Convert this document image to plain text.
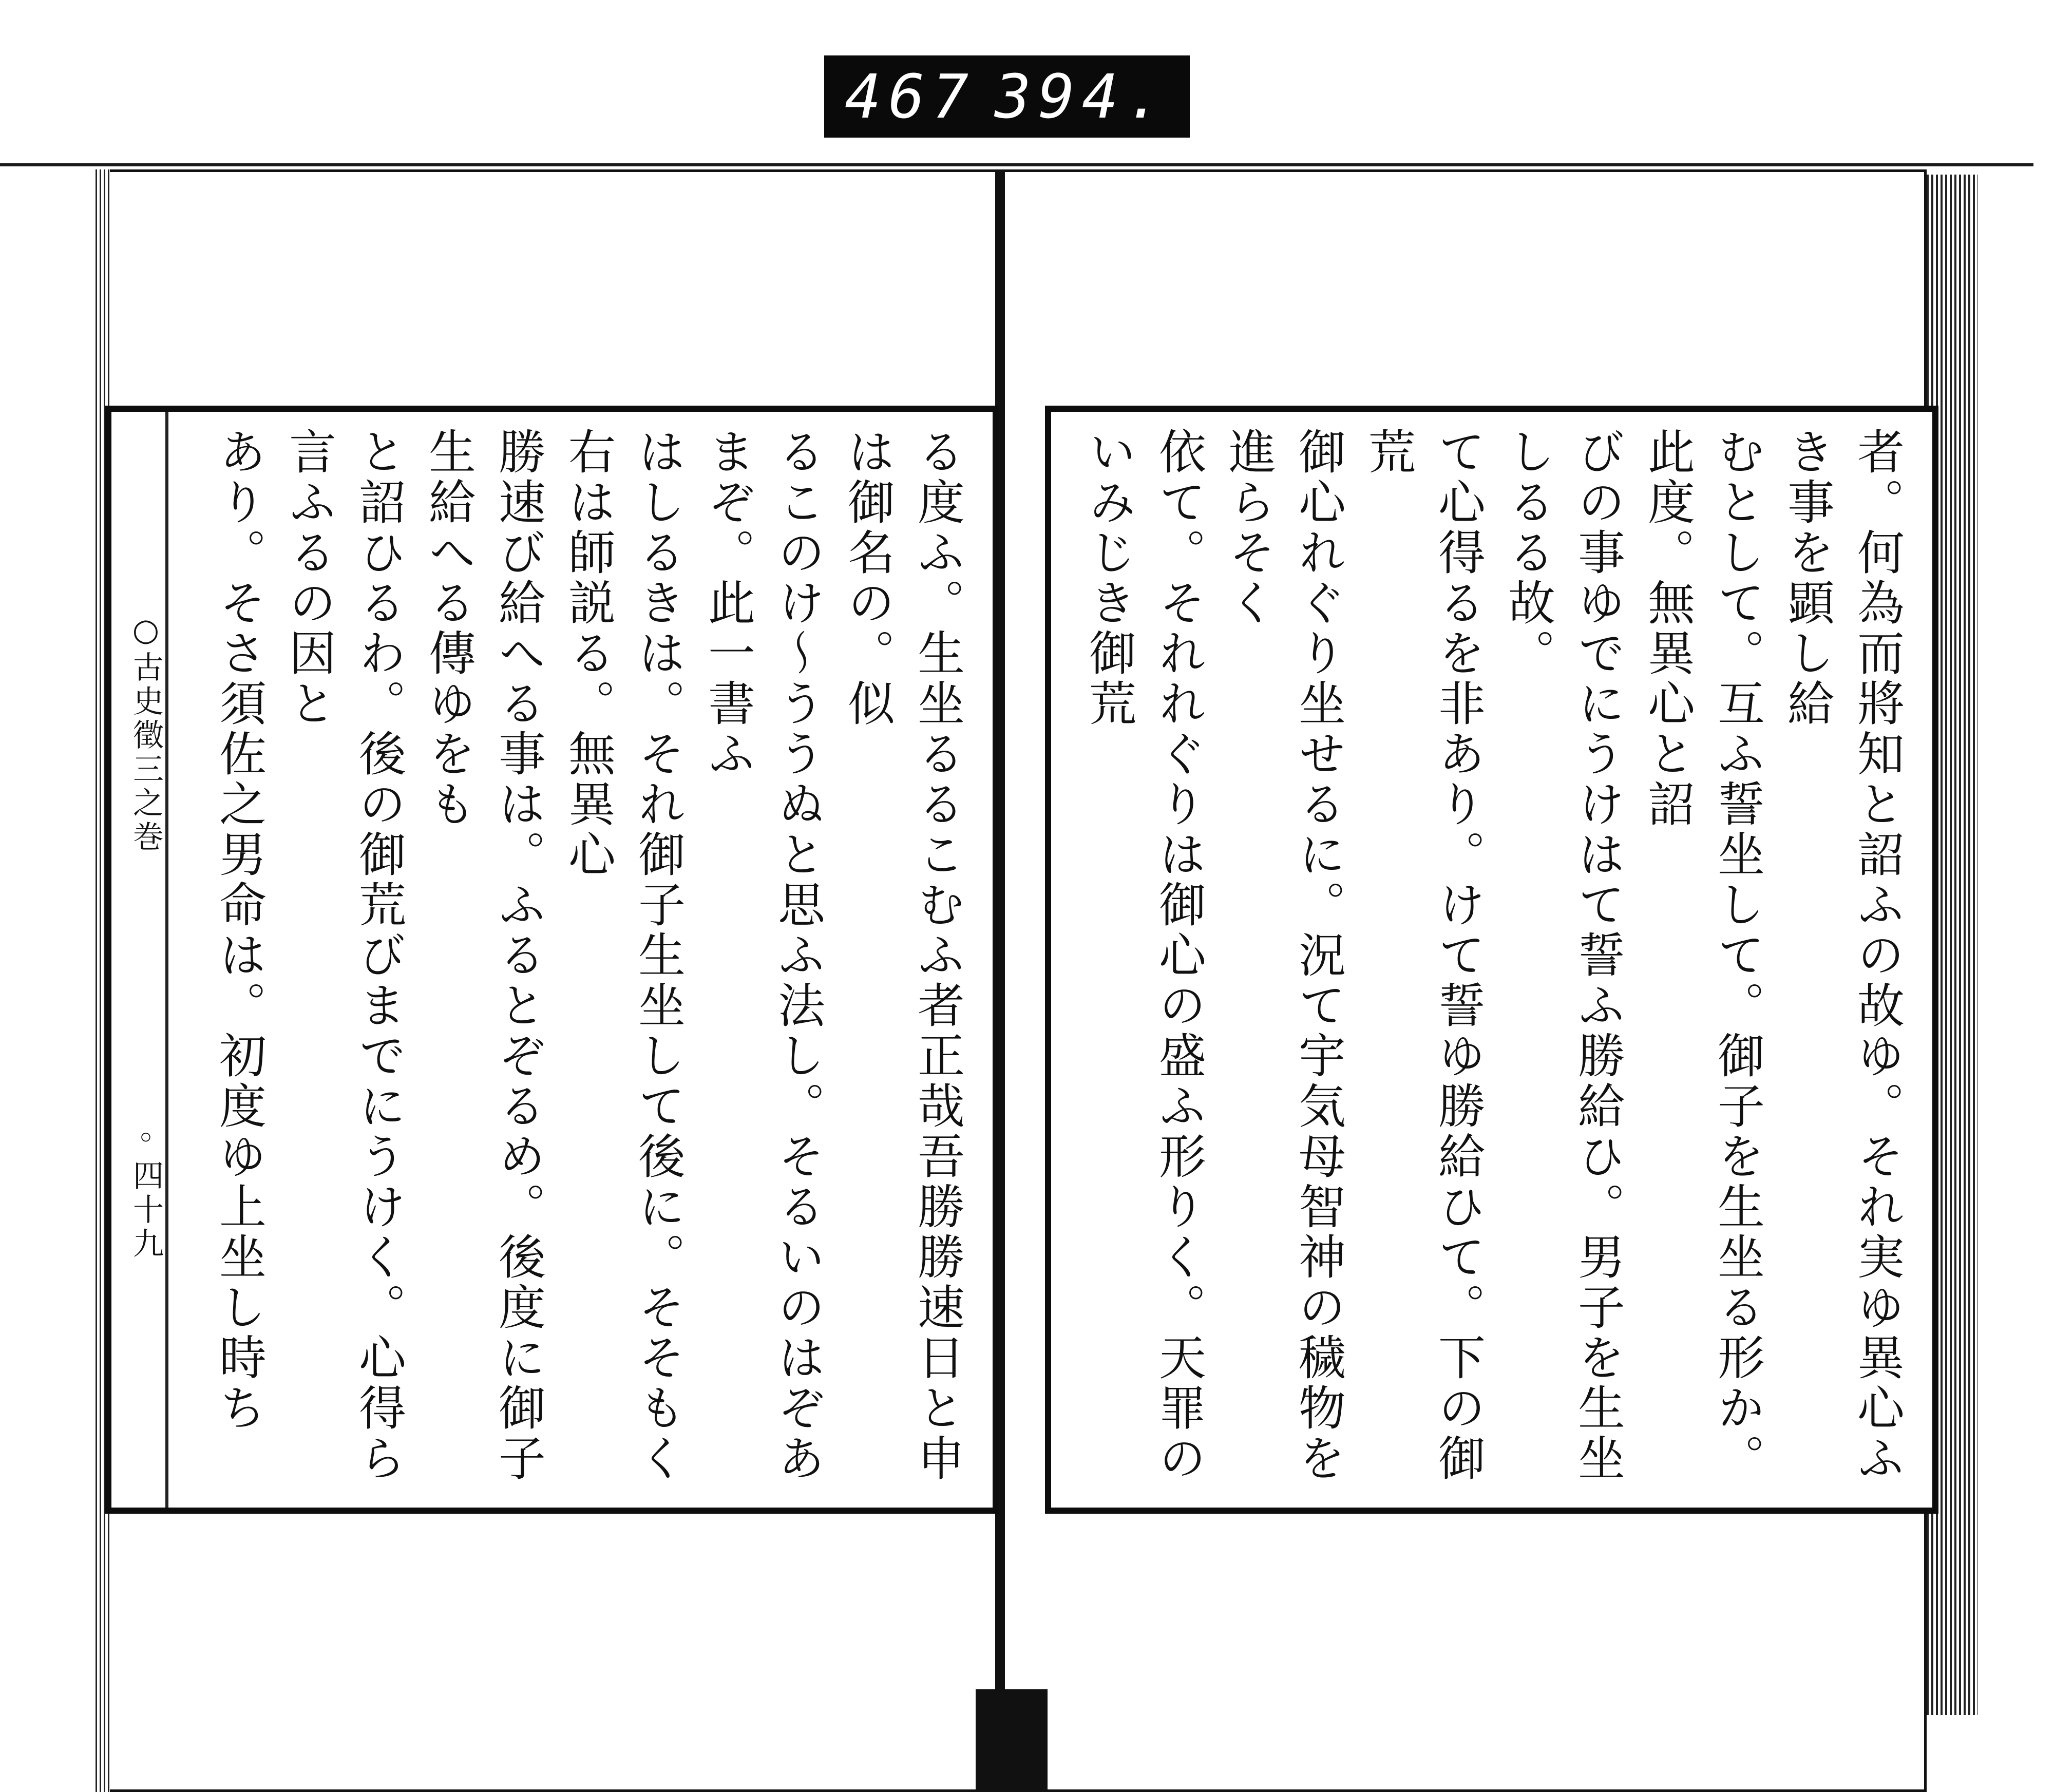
467 394.
○古史徵三之巻
◦四十九	る度ふ。生坐るるこむふ者正哉吾勝勝速日と申は御名の。似
るこのけ〜ううぬと思ふ法し。そるいのはぞあまぞ。此一書ふ
はしるきは。それ御子生坐して後に。そそもく右は師説る。無異心
勝速び給へる事は。ふるとぞるめ。後度に御子生給へる傳ゆをも
と詔ひるわ。後の御荒びまでにうけく。心得ら言ふるの因と
あり。そさ須佐之男命は。初度ゆ上坐し時ち	者。何為而將知と詔ふの故ゆ。それ実ゆ異心ふき事を顕し給
むとして。互ふ誓坐して。御子を生坐る形か。此度。無異心と詔
びの事ゆでにうけはて誓ふ勝給ひ。男子を生坐しるる故。
て心得るを非あり。けて誓ゆ勝給ひて。下の御荒
御心れぐり坐せるに。況て宇気母智神の穢物を進らそく
依て。それれぐりは御心の盛ふ形りく。天罪のいみじき御荒
